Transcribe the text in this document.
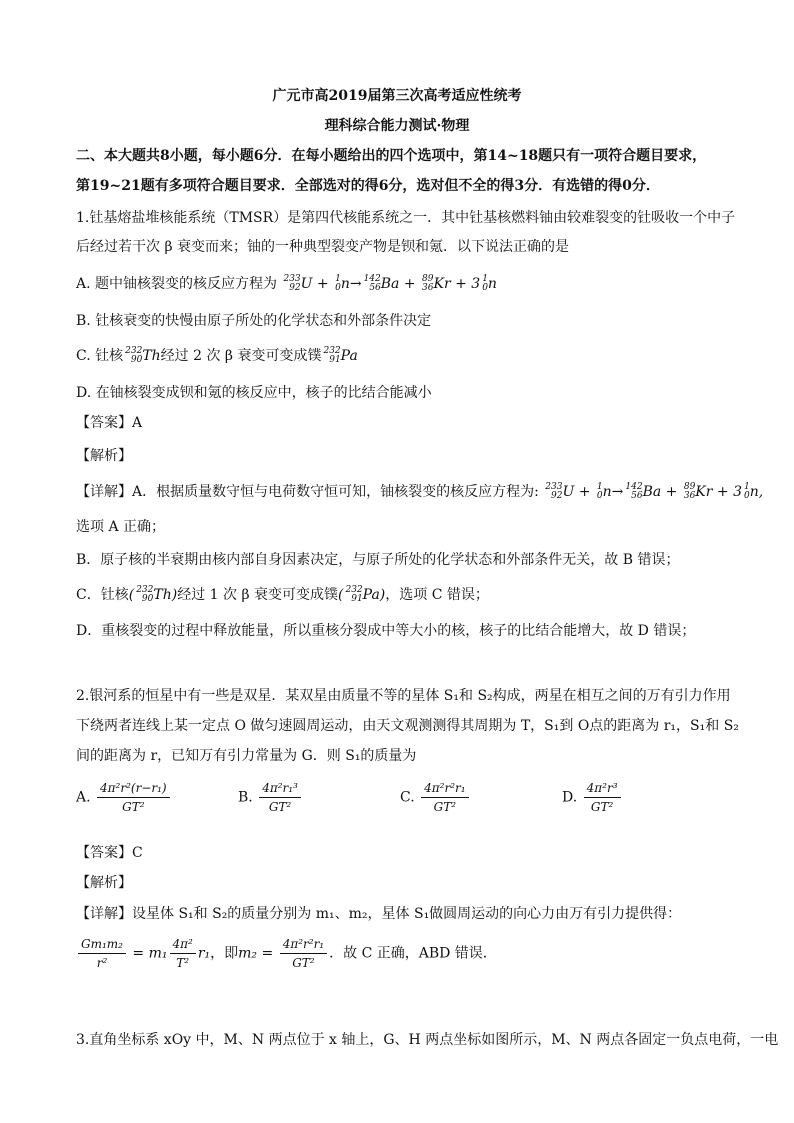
广元市高2019届第三次高考适应性统考
理科综合能力测试·物理
二、本大题共8小题，每小题6分．在每小题给出的四个选项中，第14~18题只有一项符合题目要求，
第19~21题有多项符合题目要求．全部选对的得6分，选对但不全的得3分．有选错的得0分．
1.钍基熔盐堆核能系统（TMSR）是第四代核能系统之一．其中钍基核燃料铀由较难裂变的钍吸收一个中子
后经过若干次 β 衰变而来；铀的一种典型裂变产物是钡和氪．以下说法正确的是
A. 题中铀核裂变的核反应方程为 233
92 U + 1
0 n→ 142
56 Ba + 89
36 Kr + 3 1
0 n
B. 钍核衰变的快慢由原子所处的化学状态和外部条件决定
C. 钍核 232
90 Th经过 2 次 β 衰变可变成镤 232
91 Pa
D. 在铀核裂变成钡和氪的核反应中，核子的比结合能减小
【答案】A
【解析】
【详解】A．根据质量数守恒与电荷数守恒可知，铀核裂变的核反应方程为: 233
92 U + 1
0 n→ 142
56 Ba + 89
36 Kr + 3 1
0 n,
选项 A 正确；
B．原子核的半衰期由核内部自身因素决定，与原子所处的化学状态和外部条件无关，故 B 错误；
C．钍核( 232
90 Th)经过 1 次 β 衰变可变成镤( 232
91 Pa)，选项 C 错误；
D．重核裂变的过程中释放能量，所以重核分裂成中等大小的核，核子的比结合能增大，故 D 错误；
2.银河系的恒星中有一些是双星．某双星由质量不等的星体 S₁和 S₂构成，两星在相互之间的万有引力作用
下绕两者连线上某一定点 O 做匀速圆周运动，由天文观测测得其周期为 T，S₁到 O点的距离为 r₁，S₁和 S₂
间的距离为 r，已知万有引力常量为 G．则 S₁的质量为
A. $\frac{\text{4π²r²(r−r₁)}}{\text{GT²}}$	B. $\frac{\text{4π²r₁³}}{\text{GT²}}$	C. $\frac{\text{4π²r²r₁}}{\text{GT²}}$	D. $\frac{\text{4π²r³}}{\text{GT²}}$
【答案】C
【解析】
【详解】设星体 S₁和 S₂的质量分别为 m₁、m₂，星体 S₁做圆周运动的向心力由万有引力提供得：
$\frac{\text{Gm₁m₂}}{\text{r²}} = m_1 \frac{\text{4π²}}{\text{T²}} r_1$，即$m_2 = \frac{\text{4π²r²r₁}}{\text{GT²}}$ ．故 C 正确，ABD 错误．
3.直角坐标系 xOy 中，M、N 两点位于 x 轴上，G、H 两点坐标如图所示，M、N 两点各固定一负点电荷，一电
